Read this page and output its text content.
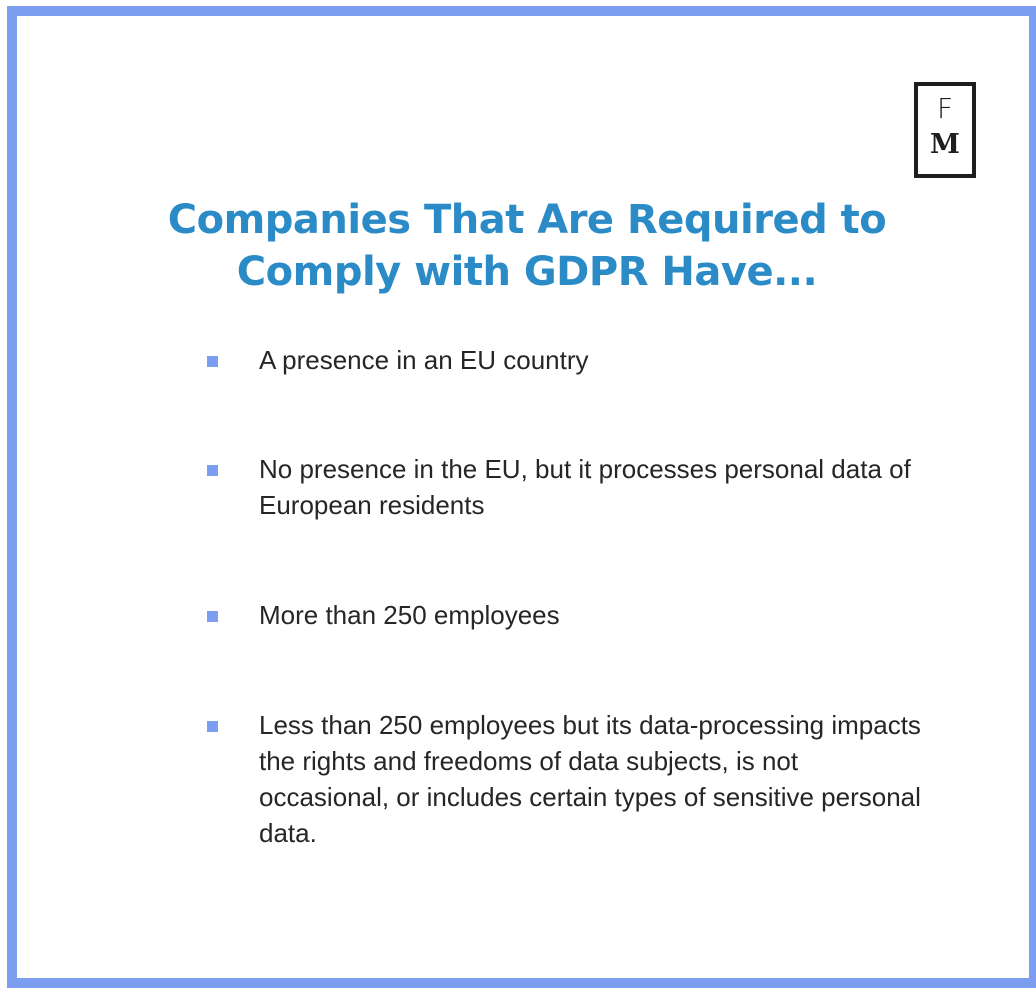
F
M
Companies That Are Required to
Comply with GDPR Have...
A presence in an EU country
No presence in the EU, but it processes personal data of European residents
More than 250 employees
Less than 250 employees but its data-processing impacts the rights and freedoms of data subjects, is not occasional, or includes certain types of sensitive personal data.
